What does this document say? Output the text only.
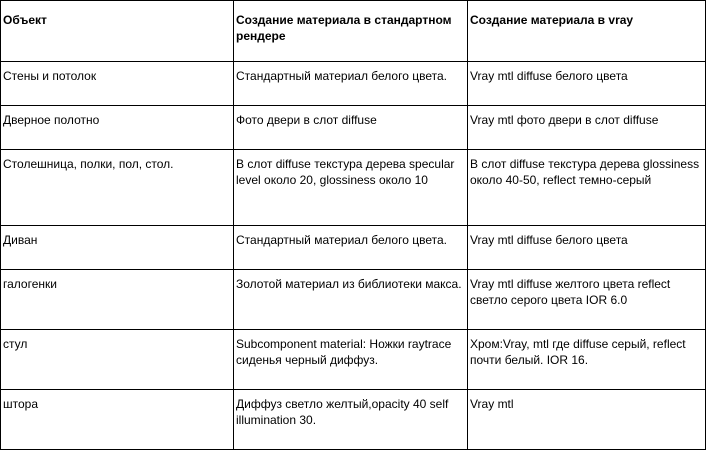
Объект	Создание материала в стандартном рендере	Создание материала в vray
Стены и потолок	Стандартный материал белого цвета.	Vray mtl diffuse белого цвета
Дверное полотно	Фото двери в слот diffuse	Vray mtl фото двери в слот diffuse
Столешница, полки, пол, стол.	В слот diffuse текстура дерева specular level около 20, glossiness около 10	В слот diffuse текстура дерева glossiness около 40-50, reflect темно-серый
Диван	Стандартный материал белого цвета.	Vray mtl diffuse белого цвета
галогенки	Золотой материал из библиотеки макса.	Vray mtl diffuse желтого цвета reflect светло серого цвета IOR 6.0
стул	Subcomponent material: Ножки raytrace сиденья черный диффуз.	Хром:Vray, mtl где diffuse серый, reflect почти белый. IOR 16.
штора	Диффуз светло желтый,opacity 40 self illumination 30.	Vray mtl
